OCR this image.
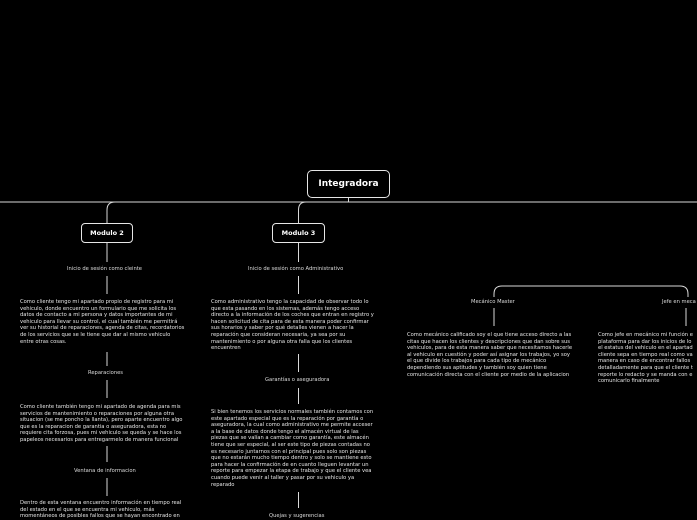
Integradora
Modulo 2	Modulo 3
Inicio de sesión como cleinte

Como cliente tengo mi apartado propio de registro para mi
vehiculo, donde encuentro un formulario que me solicita los
datos de contacto a mi persona y datos importantes de mi
vehiculo para llevar su control, el cual también me permitirá
ver su historial de reparaciones, agenda de citas, recordatorios
de los servicios que se le tiene que dar al mismo vehiculo
entre otras cosas.

Reparaciones

Como cliente también tengo mi apartado de agenda para mis
servicios de mantenimiento o reparaciones por alguna otra
situacion (se me poncho la llanta), pero aparte encuentro algo
que es la reparacion de garantia o aseguradora, esta no
requiere cita forzosa, pues mi vehiculo se queda y se hace los
papeleos necesarios para entregarmelo de manera funcional

Ventana de informacion

Dentro de esta ventana encuentro información en tiempo real
del estado en el que se encuentra mi vehiculo, más
momentáneos de posibles fallos que se hayan encontrado en

Inicio de sesión como Administrativo

Como administrativo tengo la capacidad de observar todo lo
que esta pasando en los sistemas, además tengo acceso
directo a la información de los coches que entran en registro y
hacen solicitud de cita para de esta manera poder confirmar
sus horarios y saber por qué detalles vienen a hacer la
reparación que consideran necesaria, ya sea por su
mantenimiento o por alguna otra falla que los clientes
encuentren

Garantías o aseguradora

Si bien tenemos los servicios normales también contamos con
este apartado especial que es la reparación por garantía o
aseguradora, la cual como administrativo me permite acceser
a la base de datos donde tengo el almacén virtual de las
piezas que se valían a cambiar como garantía, este almacén
tiene que ser especial, al ser este tipo de piezas contadas no
es necesario juntarnos con el principal pues solo son piezas
que no estarán mucho tiempo dentro y solo se mantiene esto
para hacer la confirmación de en cuanto lleguen levantar un
reporte para empezar la etapa de trabajo y que el cliente vea
cuando puede venir al taller y pasar por su vehiculo ya
reparado

Quejas y sugerencias
Mecánico Master

Como mecánico calificado soy el que tiene acceso directo a las
citas que hacen los clientes y descripciones que dan sobre sus
vehiculos, para de esta manera saber que necesitamos hacerle
al vehiculo en cuestión y poder así asignar los trabajos, yo soy
el que divide los trabajos para cada tipo de mecánico
dependiendo sus aptitudes y también soy quien tiene
comunicación directa con el cliente por medio de la aplicacion

Jefe en meca

Como jefe en mecánico mi función e
plataforma para dar los inicios de lo
el estatus del vehiculo en el apartad
cliente sepa en tiempo real como va
manera en caso de encontrar fallos
detalladamente para que el cliente t
reporte lo redacto y se manda con e
comunicarlo finalmente
